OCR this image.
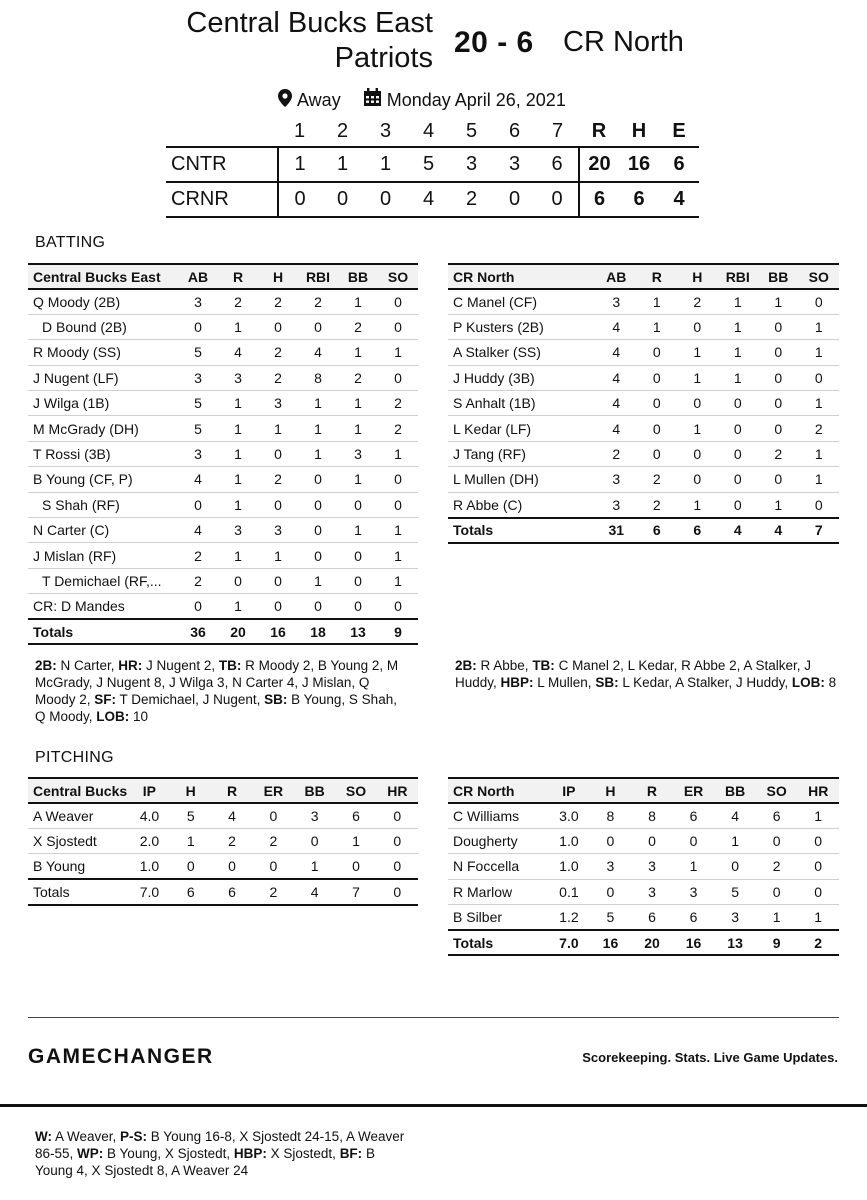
Central Bucks East
Patriots 20 - 6 CR North
Away	Monday April 26, 2021
	1	2	3	4	5	6	7	R	H	E
CNTR	1	1	1	5	3	3	6	20	16	6
CRNR	0	0	0	4	2	0	0	6	6	4
BATTING
Central Bucks East	AB	R	H	RBI	BB	SO
Q Moody (2B)	3	2	2	2	1	0
D Bound (2B)	0	1	0	0	2	0
R Moody (SS)	5	4	2	4	1	1
J Nugent (LF)	3	3	2	8	2	0
J Wilga (1B)	5	1	3	1	1	2
M McGrady (DH)	5	1	1	1	1	2
T Rossi (3B)	3	1	0	1	3	1
B Young (CF, P)	4	1	2	0	1	0
S Shah (RF)	0	1	0	0	0	0
N Carter (C)	4	3	3	0	1	1
J Mislan (RF)	2	1	1	0	0	1
T Demichael (RF,...	2	0	0	1	0	1
CR: D Mandes	0	1	0	0	0	0
Totals	36	20	16	18	13	9
CR North	AB	R	H	RBI	BB	SO
C Manel (CF)	3	1	2	1	1	0
P Kusters (2B)	4	1	0	1	0	1
A Stalker (SS)	4	0	1	1	0	1
J Huddy (3B)	4	0	1	1	0	0
S Anhalt (1B)	4	0	0	0	0	1
L Kedar (LF)	4	0	1	0	0	2
J Tang (RF)	2	0	0	0	2	1
L Mullen (DH)	3	2	0	0	0	1
R Abbe (C)	3	2	1	0	1	0
Totals	31	6	6	4	4	7
2B: N Carter, HR: J Nugent 2, TB: R Moody 2, B Young 2, M McGrady, J Nugent 8, J Wilga 3, N Carter 4, J Mislan, Q Moody 2, SF: T Demichael, J Nugent, SB: B Young, S Shah, Q Moody, LOB: 10
2B: R Abbe, TB: C Manel 2, L Kedar, R Abbe 2, A Stalker, J Huddy, HBP: L Mullen, SB: L Kedar, A Stalker, J Huddy, LOB: 8
PITCHING
Central Bucks	IP	H	R	ER	BB	SO	HR
A Weaver	4.0	5	4	0	3	6	0
X Sjostedt	2.0	1	2	2	0	1	0
B Young	1.0	0	0	0	1	0	0
Totals	7.0	6	6	2	4	7	0
CR North	IP	H	R	ER	BB	SO	HR
C Williams	3.0	8	8	6	4	6	1
Dougherty	1.0	0	0	0	1	0	0
N Foccella	1.0	3	3	1	0	2	0
R Marlow	0.1	0	3	3	5	0	0
B Silber	1.2	5	6	6	3	1	1
Totals	7.0	16	20	16	13	9	2
GAMECHANGER	Scorekeeping. Stats. Live Game Updates.
W: A Weaver, P-S: B Young 16-8, X Sjostedt 24-15, A Weaver 86-55, WP: B Young, X Sjostedt, HBP: X Sjostedt, BF: B Young 4, X Sjostedt 8, A Weaver 24
